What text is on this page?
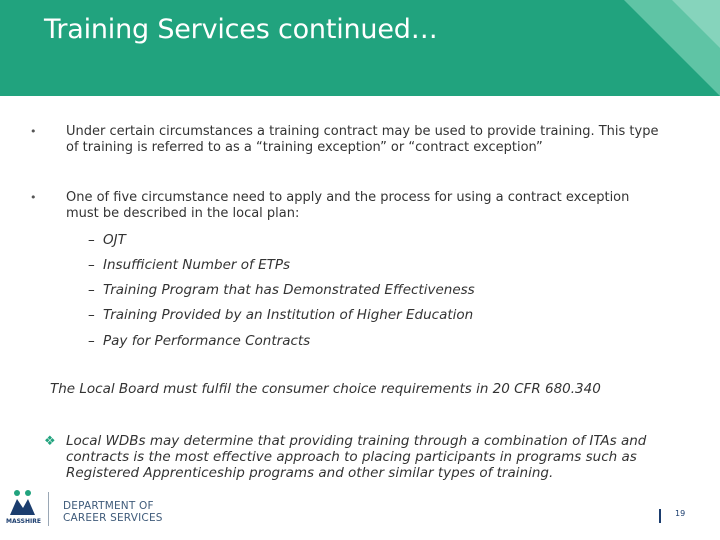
Training Services continued…
• Under certain circumstances a training contract may be used to provide training. This type of training is referred to as a “training exception” or “contract exception”
• One of five circumstance need to apply and the process for using a contract exception must be described in the local plan:
– OJT
– Insufficient Number of ETPs
– Training Program that has Demonstrated Effectiveness
– Training Provided by an Institution of Higher Education
– Pay for Performance Contracts
The Local Board must fulfil the consumer choice requirements in 20 CFR 680.340
❖ Local WDBs may determine that providing training through a combination of ITAs and contracts is the most effective approach to placing participants in programs such as Registered Apprenticeship programs and other similar types of training.
MASSHIRE
DEPARTMENT OF
CAREER SERVICES	19
